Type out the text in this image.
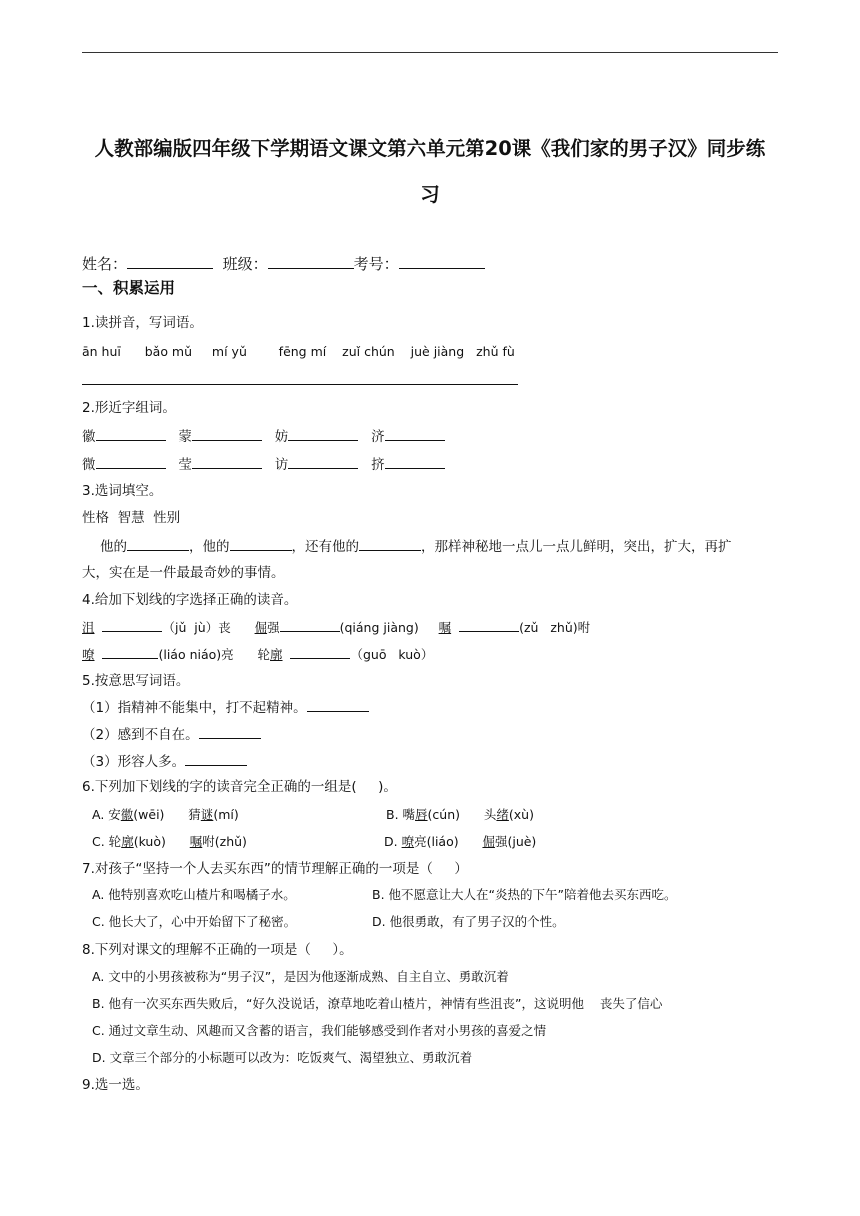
人教部编版四年级下学期语文课文第六单元第20课《我们家的男子汉》同步练
习
姓名：	班级：	考号：
一、积累运用
1.读拼音，写词语。
ān huī bǎo mǔ mí yǔ	fēng mí zuǐ chún juè jiàng zhǔ fù
2.形近字组词。
徽	蒙	妨	济
微	莹	访	挤
3.选词填空。
性格  智慧  性别
他的	，他的	，还有他的	，那样神秘地一点儿一点儿鲜明，突出，扩大，再扩
大，实在是一件最最奇妙的事情。
4.给加下划线的字选择正确的读音。
沮	（jǔ  jù）丧 倔强	(qiáng jiàng) 嘱	(zǔ   zhǔ)咐
嘹	(liáo niáo)亮 轮廓	（guō   kuò）
5.按意思写词语。
（1）指精神不能集中，打不起精神。
（2）感到不自在。
（3）形容人多。
6.下列加下划线的字的读音完全正确的一组是(     )。
A. 安徽(wēi) 猜谜(mí)	B. 嘴唇(cún) 头绪(xù)
C. 轮廓(kuò) 嘱咐(zhǔ)	D. 嘹亮(liáo) 倔强(juè)
7.对孩子“坚持一个人去买东西”的情节理解正确的一项是（     ）
A. 他特别喜欢吃山楂片和喝橘子水。	B. 他不愿意让大人在“炎热的下午”陪着他去买东西吃。
C. 他长大了，心中开始留下了秘密。	D. 他很勇敢，有了男子汉的个性。
8.下列对课文的理解不正确的一项是（     ）。
A. 文中的小男孩被称为“男子汉”，是因为他逐渐成熟、自主自立、勇敢沉着
B. 他有一次买东西失败后，“好久没说话，潦草地吃着山楂片，神情有些沮丧”，这说明他    丧失了信心
C. 通过文章生动、风趣而又含蓄的语言，我们能够感受到作者对小男孩的喜爱之情
D. 文章三个部分的小标题可以改为：吃饭爽气、渴望独立、勇敢沉着
9.选一选。
